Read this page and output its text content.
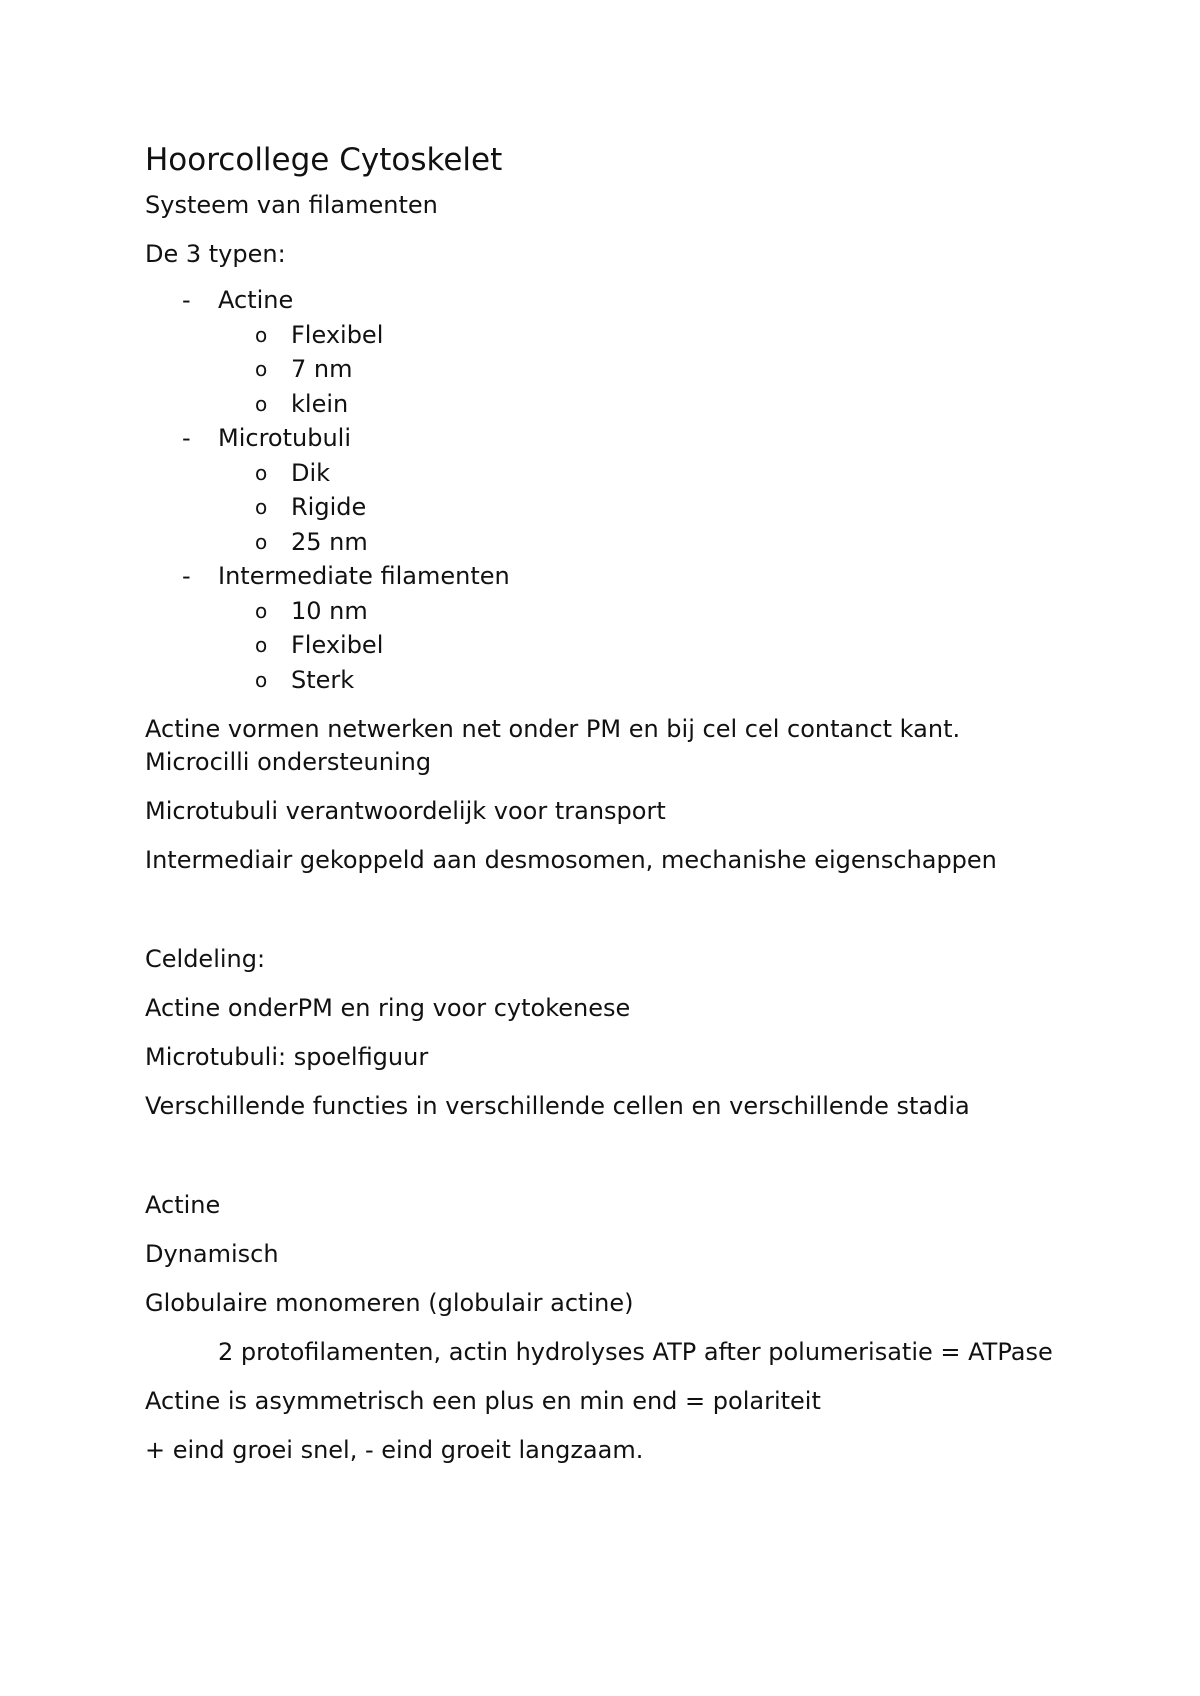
Hoorcollege Cytoskelet
Systeem van filamenten
De 3 typen:
- Actine
o Flexibel
o 7 nm
o klein
- Microtubuli
o Dik
o Rigide
o 25 nm
- Intermediate filamenten
o 10 nm
o Flexibel
o Sterk
Actine vormen netwerken net onder PM en bij cel cel contanct kant.
Microcilli ondersteuning
Microtubuli verantwoordelijk voor transport
Intermediair gekoppeld aan desmosomen, mechanishe eigenschappen
Celdeling:
Actine onderPM en ring voor cytokenese
Microtubuli: spoelfiguur
Verschillende functies in verschillende cellen en verschillende stadia
Actine
Dynamisch
Globulaire monomeren (globulair actine)
2 protofilamenten, actin hydrolyses ATP after polumerisatie = ATPase
Actine is asymmetrisch een plus en min end = polariteit
+ eind groei snel, - eind groeit langzaam.
